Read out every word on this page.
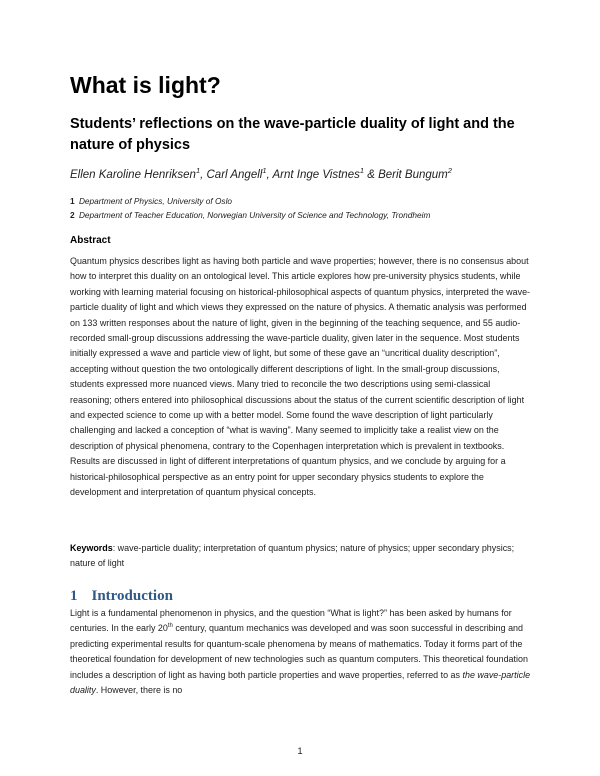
What is light?
Students’ reflections on the wave-particle duality of light and the nature of physics

Ellen Karoline Henriksen$^1$, Carl Angell$^1$, Arnt Inge Vistnes$^1$ & Berit Bungum$^2$

1 Department of Physics, University of Oslo

2 Department of Teacher Education, Norwegian University of Science and Technology, Trondheim

Abstract

Quantum physics describes light as having both particle and wave properties; however, there is no consensus about how to interpret this duality on an ontological level. This article explores how pre-university physics students, while working with learning material focusing on historical-philosophical aspects of quantum physics, interpreted the wave-particle duality of light and which views they expressed on the nature of physics. A thematic analysis was performed on 133 written responses about the nature of light, given in the beginning of the teaching sequence, and 55 audio-recorded small-group discussions addressing the wave-particle duality, given later in the sequence. Most students initially expressed a wave and particle view of light, but some of these gave an “uncritical duality description”, accepting without question the two ontologically different descriptions of light. In the small-group discussions, students expressed more nuanced views. Many tried to reconcile the two descriptions using semi-classical reasoning; others entered into philosophical discussions about the status of the current scientific description of light and expected science to come up with a better model. Some found the wave description of light particularly challenging and lacked a conception of “what is waving”. Many seemed to implicitly take a realist view on the description of physical phenomena, contrary to the Copenhagen interpretation which is prevalent in textbooks. Results are discussed in light of different interpretations of quantum physics, and we conclude by arguing for a historical-philosophical perspective as an entry point for upper secondary physics students to explore the development and interpretation of quantum physical concepts.

Keywords: wave-particle duality; interpretation of quantum physics; nature of physics; upper secondary physics; nature of light

1 Introduction

Light is a fundamental phenomenon in physics, and the question “What is light?” has been asked by humans for centuries. In the early 20th century, quantum mechanics was developed and was soon successful in describing and predicting experimental results for quantum-scale phenomena by means of mathematics. Today it forms part of the theoretical foundation for development of new technologies such as quantum computers. This theoretical foundation includes a description of light as having both particle properties and wave properties, referred to as the wave-particle duality. However, there is no

1
